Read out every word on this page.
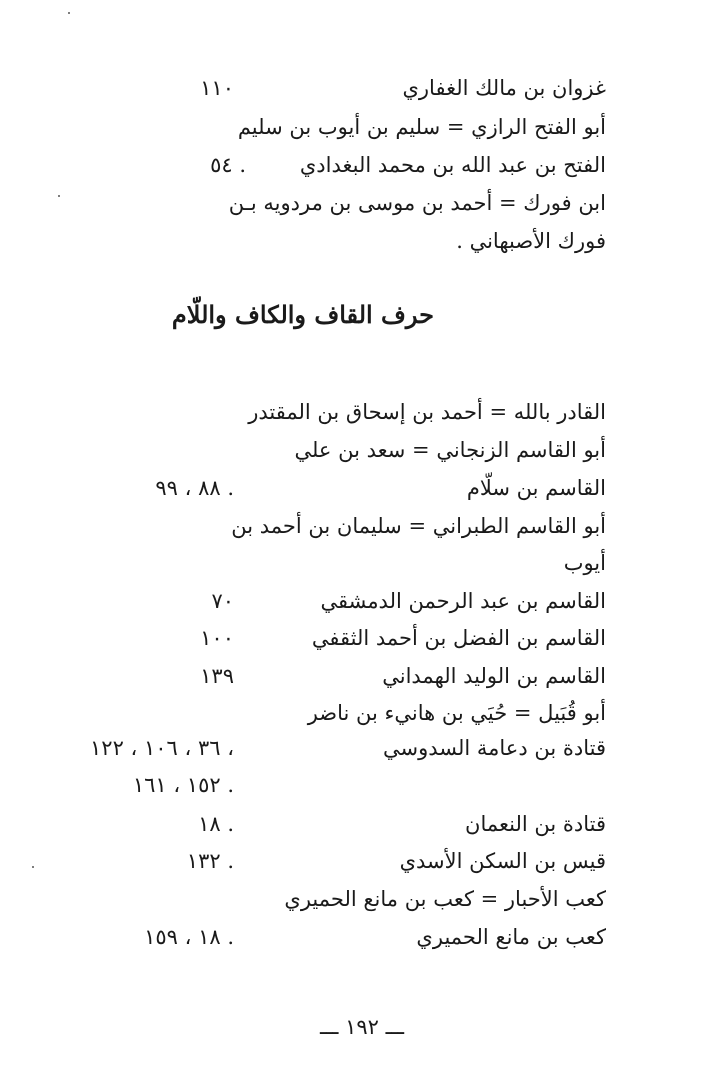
غزوان بن مالك الغفاري
١١٠
أبو الفتح الرازي = سليم بن أيوب بن سليم
الفتح بن عبد الله بن محمد البغدادي
٥٤ .
ابن فورك = أحمد بن موسى بن مردويه بـن
فورك الأصبهاني .
حرف القاف والكاف واللّام
القادر بالله = أحمد بن إسحاق بن المقتدر
أبو القاسم الزنجاني = سعد بن علي
القاسم بن سلّام
٨٨ ، ٩٩ .
أبو القاسم الطبراني = سليمان بن أحمد بن
أيوب
القاسم بن عبد الرحمن الدمشقي
٧٠
القاسم بن الفضل بن أحمد الثقفي
١٠٠
القاسم بن الوليد الهمداني
١٣٩
أبو قُبَيل = حُيَي بن هانيء بن ناضر
قتادة بن دعامة السدوسي
٣٦ ، ١٠٦ ، ١٢٢ ،
١٥٢ ، ١٦١ .
قتادة بن النعمان
١٨ .
قيس بن السكن الأسدي
١٣٢ .
كعب الأحبار = كعب بن مانع الحميري
كعب بن مانع الحميري
١٨ ، ١٥٩ .
ـــ ١٩٢ ـــ
